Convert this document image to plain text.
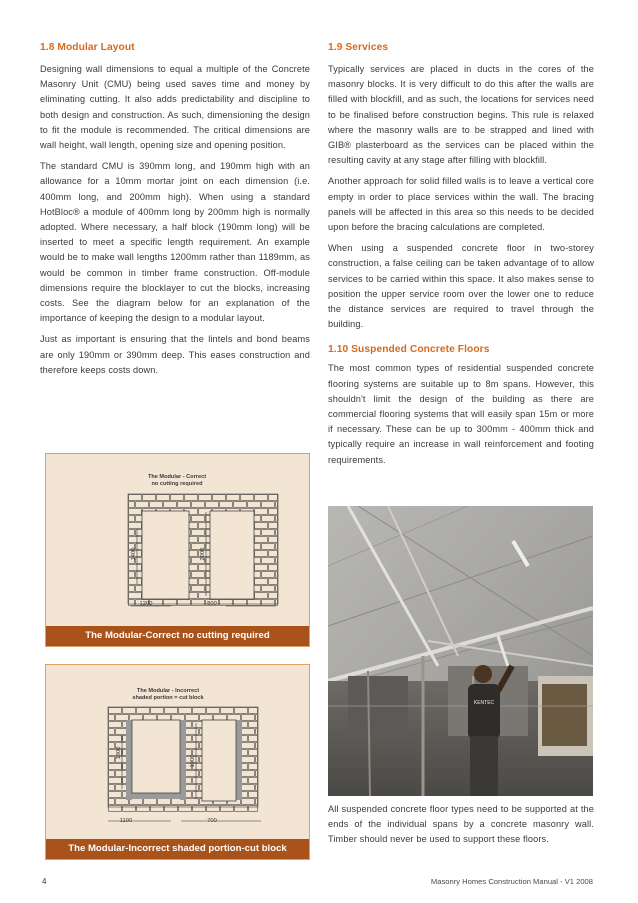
1.8 Modular Layout

Designing wall dimensions to equal a multiple of the Concrete Masonry Unit (CMU) being used saves time and money by eliminating cutting. It also adds predictability and discipline to both design and construction. As such, dimensioning the design to fit the module is recommended. The critical dimensions are wall height, wall length, opening size and opening position.

The standard CMU is 390mm long, and 190mm high with an allowance for a 10mm mortar joint on each dimension (i.e. 400mm long, and 200mm high). When using a standard HotBloc® a module of 400mm long by 200mm high is normally adopted. Where necessary, a half block (190mm long) will be inserted to meet a specific length requirement. An example would be to make wall lengths 1200mm rather than 1189mm, as would be common in timber frame construction. Off-module dimensions require the blocklayer to cut the blocks, increasing costs. See the diagram below for an explanation of the importance of keeping the design to a modular layout.

Just as important is ensuring that the lintels and bond beams are only 190mm or 390mm deep. This eases construction and therefore keeps costs down.

The Modular - Correct
no cutting required
1400	2000
1200	800
The Modular-Correct no cutting required
The Modular - Incorrect
shaded portion = cut block
1300
1900
1100	700
The Modular-Incorrect shaded portion-cut block
1.9 Services

Typically services are placed in ducts in the cores of the masonry blocks. It is very difficult to do this after the walls are filled with blockfill, and as such, the locations for services need to be finalised before construction begins. This rule is relaxed where the masonry walls are to be strapped and lined with GIB® plasterboard as the services can be placed within the resulting cavity at any stage after filling with blockfill.

Another approach for solid filled walls is to leave a vertical core empty in order to place services within the wall. The bracing panels will be affected in this area so this needs to be decided upon before the bracing calculations are completed.

When using a suspended concrete floor in two-storey construction, a false ceiling can be taken advantage of to allow services to be carried within this space. It also makes sense to position the upper service room over the lower one to reduce the distance services are required to travel through the building.

1.10 Suspended Concrete Floors

The most common types of residential suspended concrete flooring systems are suitable up to 8m spans. However, this shouldn't limit the design of the building as there are commercial flooring systems that will easily span 15m or more if necessary. These can be up to 300mm - 400mm thick and typically require an increase in wall reinforcement and footing requirements.

KENTEC

All suspended concrete floor types need to be supported at the ends of the individual spans by a concrete masonry wall. Timber should never be used to support these floors.

4	Masonry Homes Construction Manual - V1 2008
